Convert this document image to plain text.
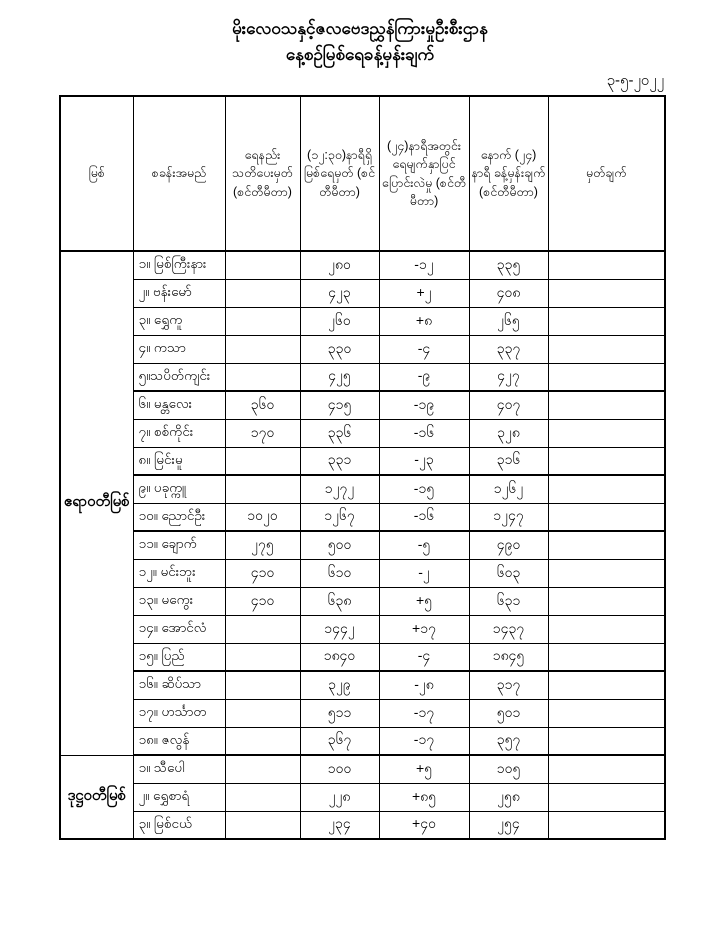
မိုးလေဝသနှင့်ဇလဗေဒညွှန်ကြားမှုဦးစီးဌာန
နေ့စဉ်မြစ်ရေခန့်မှန်းချက်
၃-၅-၂၀၂၂
မြစ်	စခန်းအမည်	ရေနည်း သတိပေးမှတ် (စင်တီမီတာ)	(၁၂:၃၀)နာရီရှိ မြစ်ရေမှတ် (စင်တီမီတာ)	(၂၄)နာရီအတွင်း ရေမျက်နှာပြင် ပြောင်းလဲမှု (စင်တီမီတာ)	နောက် (၂၄) နာရီ ခန့်မှန်းချက် (စင်တီမီတာ)	မှတ်ချက်
ဧရာဝတီမြစ်	၁။ မြစ်ကြီးနား		၂၈၀	-၁၂	၃၃၅	
	၂။ ဗန်းမော်		၄၂၃	+၂	၄၀၈	
	၃။ ရွှေကူ		၂၆၀	+၈	၂၆၅	
	၄။ ကသာ		၃၃၀	-၄	၃၃၇	
	၅။သပိတ်ကျင်း		၄၂၅	-၉	၄၂၇	
	၆။ မန္တလေး	၃၆၀	၄၁၅	-၁၉	၄၀၇	
	၇။ စစ်ကိုင်း	၁၇၀	၃၃၆	-၁၆	၃၂၈	
	၈။ မြင်းမူ		၃၃၁	-၂၃	၃၁၆	
	၉။ ပခုက္ကူ		၁၂၇၂	-၁၅	၁၂၆၂	
	၁၀။ ညောင်ဦး	၁၀၂၀	၁၂၆၇	-၁၆	၁၂၄၇	
	၁၁။ ချောက်	၂၇၅	၅၀၀	-၅	၄၉၀	
	၁၂။ မင်းဘူး	၄၁၀	၆၁၀	-၂	၆၀၃	
	၁၃။ မကွေး	၄၁၀	၆၃၈	+၅	၆၃၁	
	၁၄။ အောင်လံ		၁၄၄၂	+၁၇	၁၄၃၇	
	၁၅။ ပြည်		၁၈၄၀	-၄	၁၈၄၅	
	၁၆။ ဆိပ်သာ		၃၂၉	-၂၈	၃၁၇	
	၁၇။ ဟင်္သာတ		၅၁၁	-၁၇	၅၀၁	
	၁၈။ ဇလွန်		၃၆၇	-၁၇	၃၅၇	
ဒုဋ္ဌဝတီမြစ်	၁။ သီပေါ		၁၀၀	+၅	၁၀၅	
	၂။ ရွှေစာရံ		၂၂၈	+၈၅	၂၅၈	
	၃။ မြစ်ငယ်		၂၃၄	+၄၀	၂၅၄	
